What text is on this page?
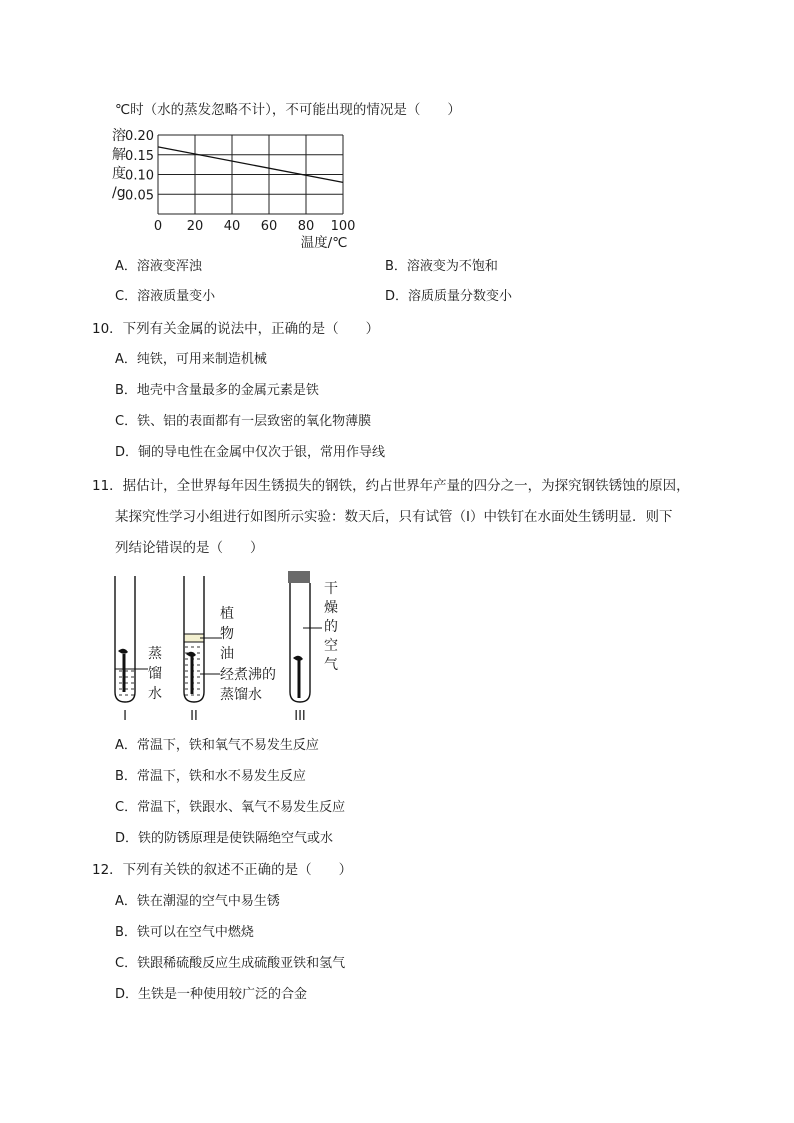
℃时（水的蒸发忽略不计），不可能出现的情况是（　　）
溶
解
度
/g
0.20
0.15
0.10
0.05
0 20 40 60 80 100
温度/℃
A．溶液变浑浊	B．溶液变为不饱和
C．溶液质量变小	D．溶质质量分数变小
10．下列有关金属的说法中，正确的是（　　）
A．纯铁，可用来制造机械
B．地壳中含量最多的金属元素是铁
C．铁、铝的表面都有一层致密的氧化物薄膜
D．铜的导电性在金属中仅次于银，常用作导线
11．据估计，全世界每年因生锈损失的钢铁，约占世界年产量的四分之一，为探究钢铁锈蚀的原因，
某探究性学习小组进行如图所示实验：数天后，只有试管（I）中铁钉在水面处生锈明显．则下
列结论错误的是（　　）
I	II	III
蒸馏水
植物油
经煮沸的
蒸馏水
干燥的空气
A．常温下，铁和氧气不易发生反应
B．常温下，铁和水不易发生反应
C．常温下，铁跟水、氧气不易发生反应
D．铁的防锈原理是使铁隔绝空气或水
12．下列有关铁的叙述不正确的是（　　）
A．铁在潮湿的空气中易生锈
B．铁可以在空气中燃烧
C．铁跟稀硫酸反应生成硫酸亚铁和氢气
D．生铁是一种使用较广泛的合金
